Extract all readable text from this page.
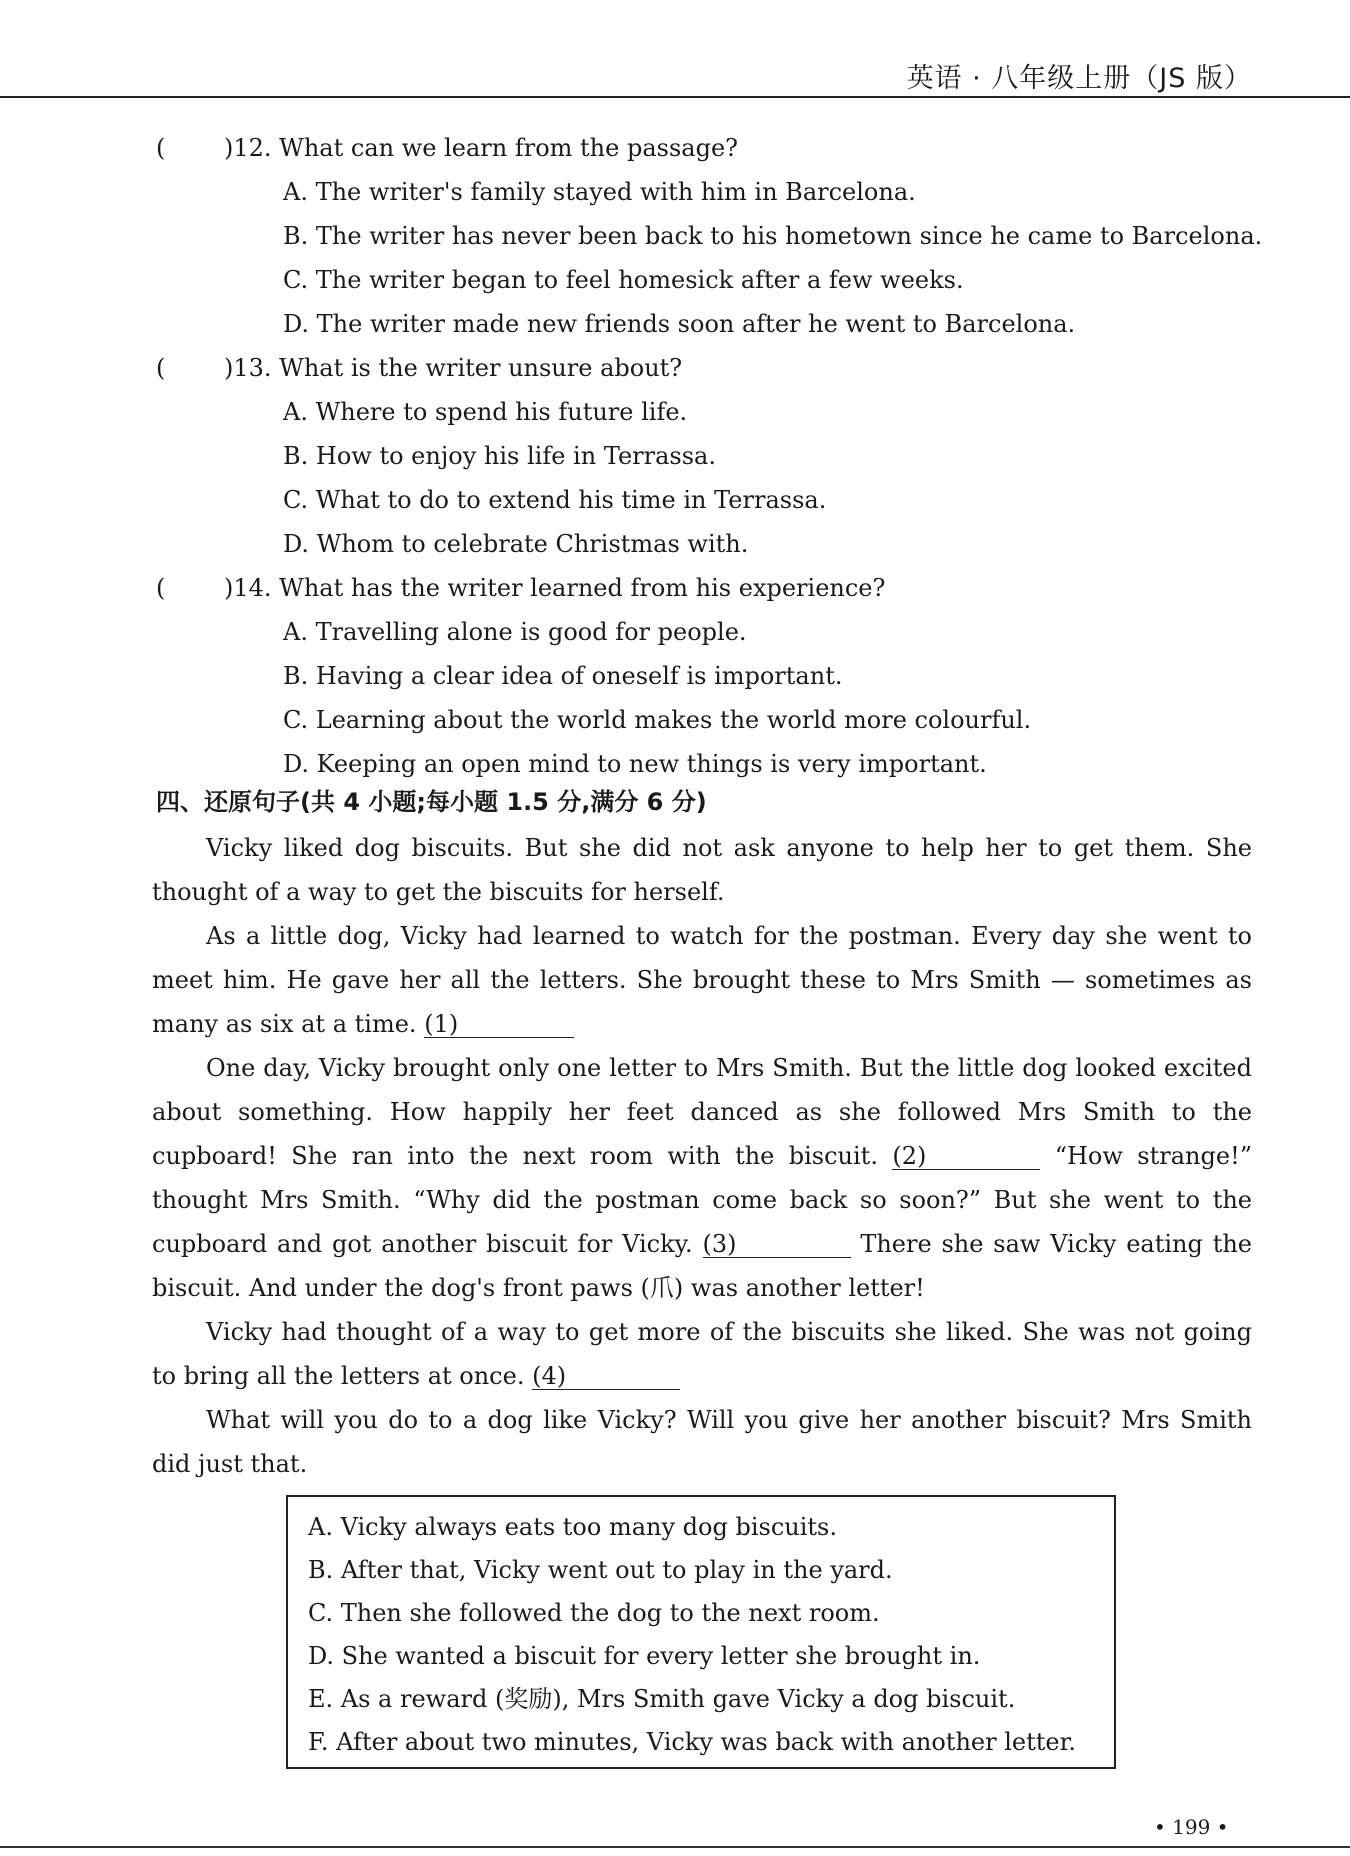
英语 · 八年级上册（JS 版）
( )12. What can we learn from the passage?
A. The writer's family stayed with him in Barcelona.
B. The writer has never been back to his hometown since he came to Barcelona.
C. The writer began to feel homesick after a few weeks.
D. The writer made new friends soon after he went to Barcelona.
( )13. What is the writer unsure about?
A. Where to spend his future life.
B. How to enjoy his life in Terrassa.
C. What to do to extend his time in Terrassa.
D. Whom to celebrate Christmas with.
( )14. What has the writer learned from his experience?
A. Travelling alone is good for people.
B. Having a clear idea of oneself is important.
C. Learning about the world makes the world more colourful.
D. Keeping an open mind to new things is very important.
四、还原句子(共 4 小题;每小题 1.5 分,满分 6 分)
Vicky liked dog biscuits. But she did not ask anyone to help her to get them. She thought of a way to get the biscuits for herself.
As a little dog, Vicky had learned to watch for the postman. Every day she went to meet him. He gave her all the letters. She brought these to Mrs Smith — sometimes as many as six at a time. (1)
One day, Vicky brought only one letter to Mrs Smith. But the little dog looked excited about something. How happily her feet danced as she followed Mrs Smith to the cupboard! She ran into the next room with the biscuit. (2)	“How strange!” thought Mrs Smith. “Why did the postman come back so soon?” But she went to the cupboard and got another biscuit for Vicky. (3)	There she saw Vicky eating the biscuit. And under the dog's front paws (爪) was another letter!
Vicky had thought of a way to get more of the biscuits she liked. She was not going to bring all the letters at once. (4)
What will you do to a dog like Vicky? Will you give her another biscuit? Mrs Smith did just that.
A. Vicky always eats too many dog biscuits.
B. After that, Vicky went out to play in the yard.
C. Then she followed the dog to the next room.
D. She wanted a biscuit for every letter she brought in.
E. As a reward (奖励), Mrs Smith gave Vicky a dog biscuit.
F. After about two minutes, Vicky was back with another letter.
• 199 •
